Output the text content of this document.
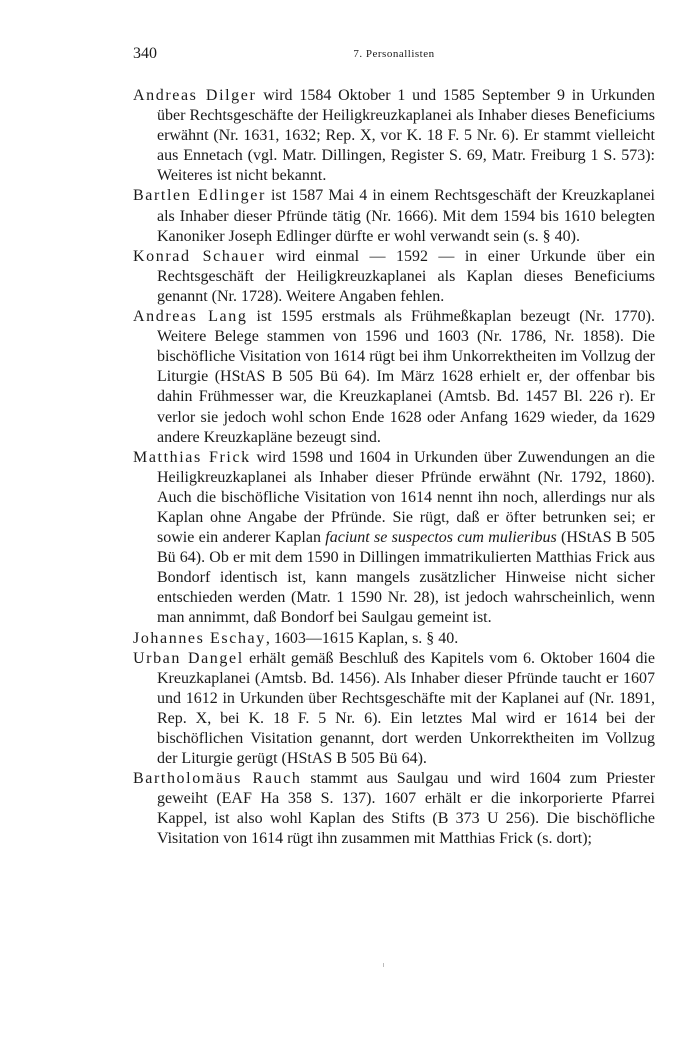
340	7. Personallisten

Andreas Dilger wird 1584 Oktober 1 und 1585 September 9 in Urkunden über Rechtsgeschäfte der Heiligkreuzkaplanei als Inhaber dieses Beneficiums erwähnt (Nr. 1631, 1632; Rep. X, vor K. 18 F. 5 Nr. 6). Er stammt vielleicht aus Ennetach (vgl. Matr. Dillingen, Register S. 69, Matr. Freiburg 1 S. 573): Weiteres ist nicht bekannt.

Bartlen Edlinger ist 1587 Mai 4 in einem Rechtsgeschäft der Kreuzkaplanei als Inhaber dieser Pfründe tätig (Nr. 1666). Mit dem 1594 bis 1610 belegten Kanoniker Joseph Edlinger dürfte er wohl verwandt sein (s. § 40).

Konrad Schauer wird einmal — 1592 — in einer Urkunde über ein Rechtsgeschäft der Heiligkreuzkaplanei als Kaplan dieses Beneficiums genannt (Nr. 1728). Weitere Angaben fehlen.

Andreas Lang ist 1595 erstmals als Frühmeßkaplan bezeugt (Nr. 1770). Weitere Belege stammen von 1596 und 1603 (Nr. 1786, Nr. 1858). Die bischöfliche Visitation von 1614 rügt bei ihm Unkorrektheiten im Vollzug der Liturgie (HStAS B 505 Bü 64). Im März 1628 erhielt er, der offenbar bis dahin Frühmesser war, die Kreuzkaplanei (Amtsb. Bd. 1457 Bl. 226 r). Er verlor sie jedoch wohl schon Ende 1628 oder Anfang 1629 wieder, da 1629 andere Kreuzkapläne bezeugt sind.

Matthias Frick wird 1598 und 1604 in Urkunden über Zuwendungen an die Heiligkreuzkaplanei als Inhaber dieser Pfründe erwähnt (Nr. 1792, 1860). Auch die bischöfliche Visitation von 1614 nennt ihn noch, allerdings nur als Kaplan ohne Angabe der Pfründe. Sie rügt, daß er öfter betrunken sei; er sowie ein anderer Kaplan faciunt se suspectos cum mulieribus (HStAS B 505 Bü 64). Ob er mit dem 1590 in Dillingen immatrikulierten Matthias Frick aus Bondorf identisch ist, kann mangels zusätzlicher Hinweise nicht sicher entschieden werden (Matr. 1 1590 Nr. 28), ist jedoch wahrscheinlich, wenn man annimmt, daß Bondorf bei Saulgau gemeint ist.

Johannes Eschay, 1603—1615 Kaplan, s. § 40.

Urban Dangel erhält gemäß Beschluß des Kapitels vom 6. Oktober 1604 die Kreuzkaplanei (Amtsb. Bd. 1456). Als Inhaber dieser Pfründe taucht er 1607 und 1612 in Urkunden über Rechtsgeschäfte mit der Kaplanei auf (Nr. 1891, Rep. X, bei K. 18 F. 5 Nr. 6). Ein letztes Mal wird er 1614 bei der bischöflichen Visitation genannt, dort werden Unkorrektheiten im Vollzug der Liturgie gerügt (HStAS B 505 Bü 64).

Bartholomäus Rauch stammt aus Saulgau und wird 1604 zum Priester geweiht (EAF Ha 358 S. 137). 1607 erhält er die inkorporierte Pfarrei Kappel, ist also wohl Kaplan des Stifts (B 373 U 256). Die bischöfliche Visitation von 1614 rügt ihn zusammen mit Matthias Frick (s. dort);
